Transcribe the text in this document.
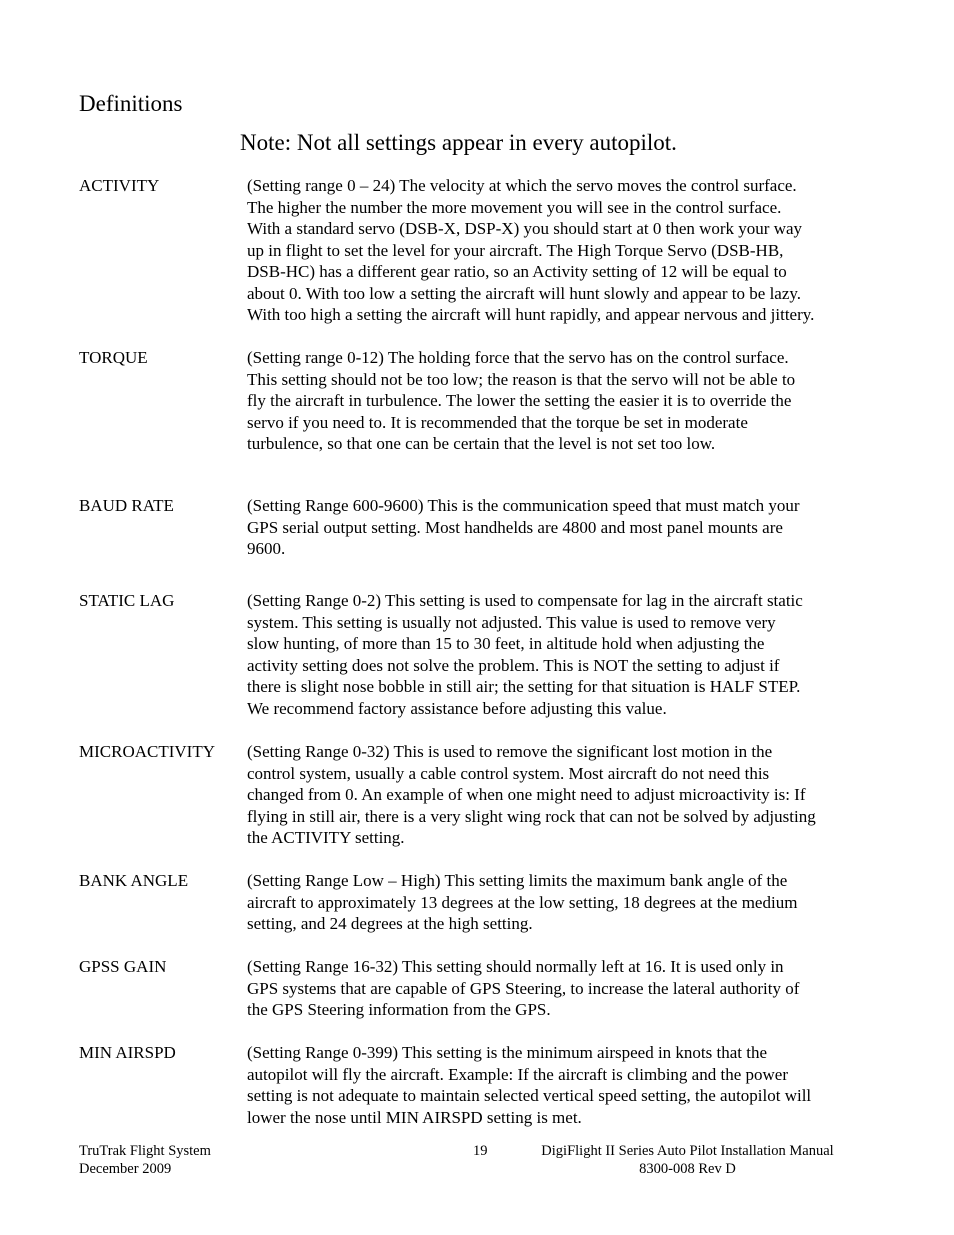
Definitions
Note: Not all settings appear in every autopilot.
ACTIVITY	(Setting range 0 – 24) The velocity at which the servo moves the control surface.
The higher the number the more movement you will see in the control surface.
With a standard servo (DSB-X, DSP-X) you should start at 0 then work your way
up in flight to set the level for your aircraft. The High Torque Servo (DSB-HB,
DSB-HC) has a different gear ratio, so an Activity setting of 12 will be equal to
about 0. With too low a setting the aircraft will hunt slowly and appear to be lazy.
With too high a setting the aircraft will hunt rapidly, and appear nervous and jittery.
TORQUE	(Setting range 0-12) The holding force that the servo has on the control surface.
This setting should not be too low; the reason is that the servo will not be able to
fly the aircraft in turbulence. The lower the setting the easier it is to override the
servo if you need to. It is recommended that the torque be set in moderate
turbulence, so that one can be certain that the level is not set too low.
BAUD RATE	(Setting Range 600-9600) This is the communication speed that must match your
GPS serial output setting. Most handhelds are 4800 and most panel mounts are
9600.
STATIC LAG	(Setting Range 0-2) This setting is used to compensate for lag in the aircraft static
system. This setting is usually not adjusted. This value is used to remove very
slow hunting, of more than 15 to 30 feet, in altitude hold when adjusting the
activity setting does not solve the problem. This is NOT the setting to adjust if
there is slight nose bobble in still air; the setting for that situation is HALF STEP.
We recommend factory assistance before adjusting this value.
MICROACTIVITY (Setting Range 0-32) This is used to remove the significant lost motion in the
control system, usually a cable control system. Most aircraft do not need this
changed from 0. An example of when one might need to adjust microactivity is: If
flying in still air, there is a very slight wing rock that can not be solved by adjusting
the ACTIVITY setting.
BANK ANGLE	(Setting Range Low – High) This setting limits the maximum bank angle of the
aircraft to approximately 13 degrees at the low setting, 18 degrees at the medium
setting, and 24 degrees at the high setting.
GPSS GAIN	(Setting Range 16-32) This setting should normally left at 16. It is used only in
GPS systems that are capable of GPS Steering, to increase the lateral authority of
the GPS Steering information from the GPS.
MIN AIRSPD	(Setting Range 0-399) This setting is the minimum airspeed in knots that the
autopilot will fly the aircraft. Example: If the aircraft is climbing and the power
setting is not adequate to maintain selected vertical speed setting, the autopilot will
lower the nose until MIN AIRSPD setting is met.
TruTrak Flight System
December 2009
19	DigiFlight II Series Auto Pilot Installation Manual
8300-008 Rev D
